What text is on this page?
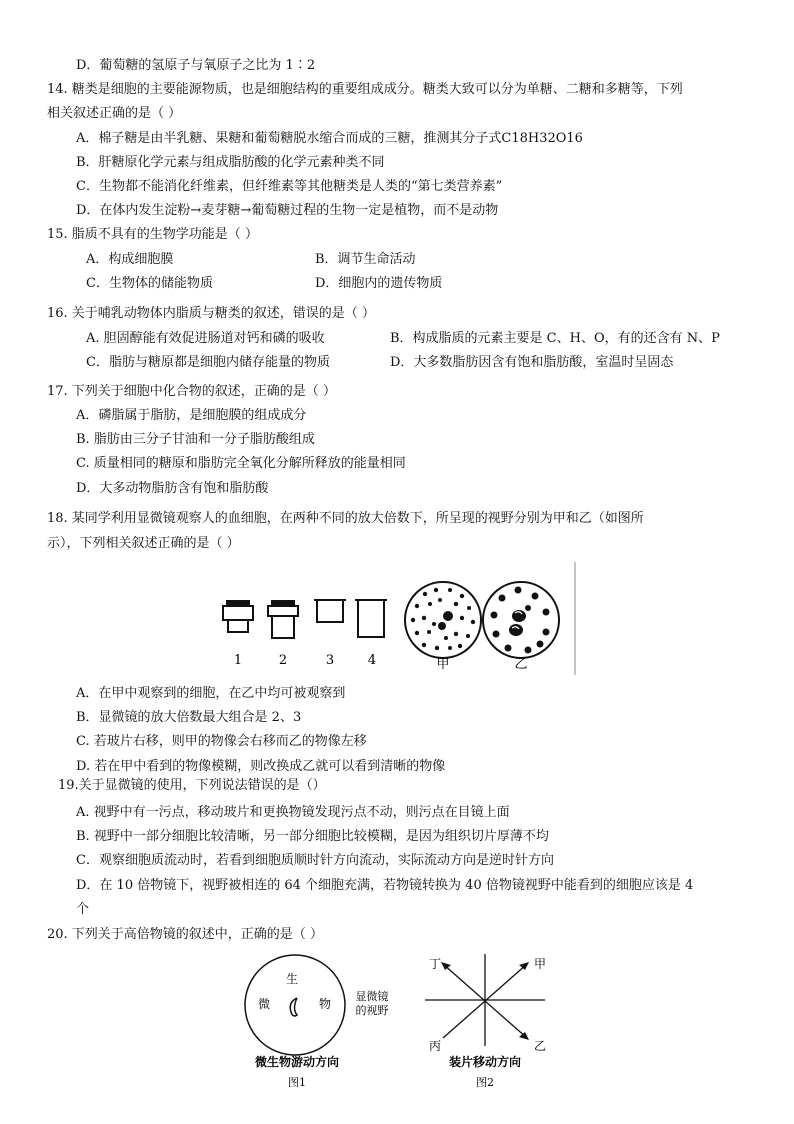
D．葡萄糖的氢原子与氧原子之比为 1∶2
14. 糖类是细胞的主要能源物质，也是细胞结构的重要组成成分。糖类大致可以分为单糖、二糖和多糖等，下列
相关叙述正确的是（ ）
A．棉子糖是由半乳糖、果糖和葡萄糖脱水缩合而成的三糖，推测其分子式C18H32O16
B．肝糖原化学元素与组成脂肪酸的化学元素种类不同
C．生物都不能消化纤维素，但纤维素等其他糖类是人类的“第七类营养素”
D．在体内发生淀粉→麦芽糖→葡萄糖过程的生物一定是植物，而不是动物
15. 脂质不具有的生物学功能是（ ）
A．构成细胞膜	B．调节生命活动
C．生物体的储能物质	D．细胞内的遗传物质
16. 关于哺乳动物体内脂质与糖类的叙述，错误的是（ ）
A. 胆固醇能有效促进肠道对钙和磷的吸收	B．构成脂质的元素主要是 C、H、O，有的还含有 N、P
C．脂肪与糖原都是细胞内储存能量的物质	D．大多数脂肪因含有饱和脂肪酸，室温时呈固态
17. 下列关于细胞中化合物的叙述，正确的是（ ）
A．磷脂属于脂肪，是细胞膜的组成成分
B. 脂肪由三分子甘油和一分子脂肪酸组成
C. 质量相同的糖原和脂肪完全氧化分解所释放的能量相同
D．大多动物脂肪含有饱和脂肪酸
18. 某同学利用显微镜观察人的血细胞，在两种不同的放大倍数下，所呈现的视野分别为甲和乙（如图所
示），下列相关叙述正确的是（ ）
1	2	3	4	甲	乙
A．在甲中观察到的细胞，在乙中均可被观察到
B．显微镜的放大倍数最大组合是 2、3
C. 若玻片右移，则甲的物像会右移而乙的物像左移
D. 若在甲中看到的物像模糊，则改换成乙就可以看到清晰的物像
19.关于显微镜的使用，下列说法错误的是（）
A. 视野中有一污点，移动玻片和更换物镜发现污点不动，则污点在目镜上面
B. 视野中一部分细胞比较清晰，另一部分细胞比较模糊，是因为组织切片厚薄不均
C．观察细胞质流动时，若看到细胞质顺时针方向流动，实际流动方向是逆时针方向
D．在 10 倍物镜下，视野被相连的 64 个细胞充满，若物镜转换为 40 倍物镜视野中能看到的细胞应该是 4
个
20. 下列关于高倍物镜的叙述中，正确的是（ ）
生
微	物
显微镜
的视野
微生物游动方向
图1
丁	甲
丙	乙
装片移动方向
图2
